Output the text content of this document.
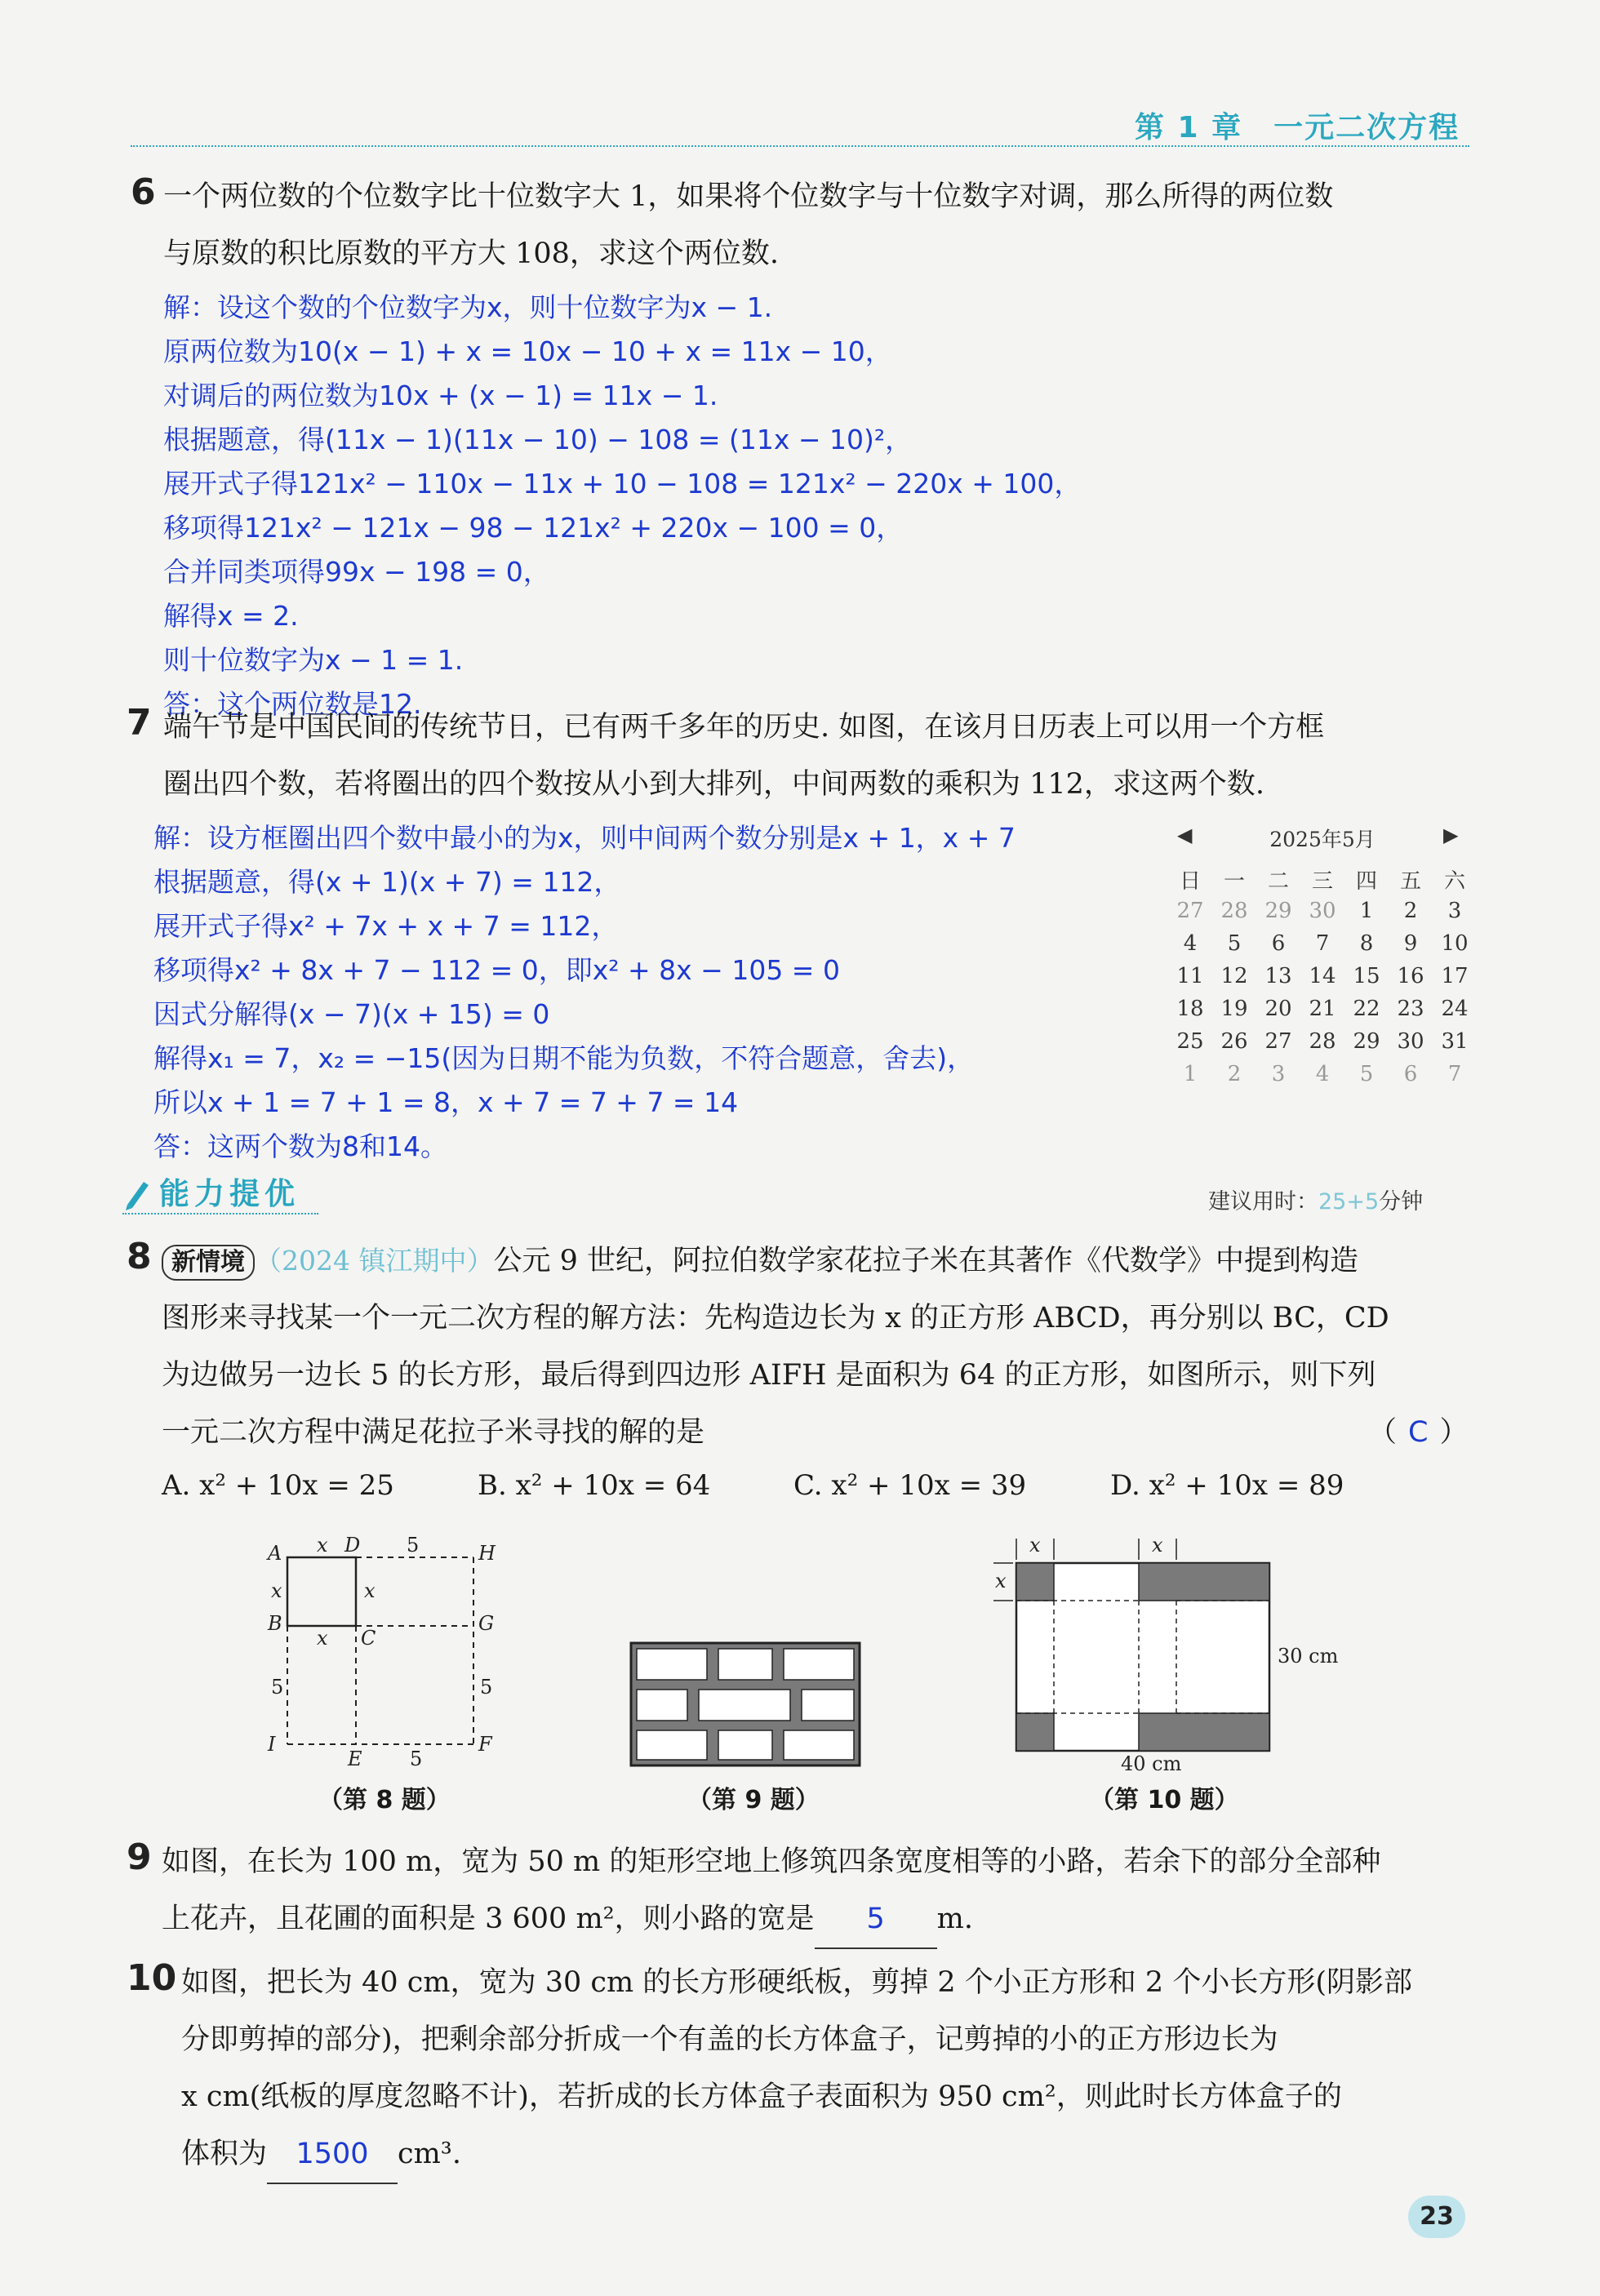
第 1 章　一元二次方程
6 一个两位数的个位数字比十位数字大 1，如果将个位数字与十位数字对调，那么所得的两位数
与原数的积比原数的平方大 108，求这个两位数.
解：设这个数的个位数字为x，则十位数字为x − 1.
原两位数为10(x − 1) + x = 10x − 10 + x = 11x − 10，
对调后的两位数为10x + (x − 1) = 11x − 1.
根据题意，得(11x − 1)(11x − 10) − 108 = (11x − 10)²，
展开式子得121x² − 110x − 11x + 10 − 108 = 121x² − 220x + 100，
移项得121x² − 121x − 98 − 121x² + 220x − 100 = 0，
合并同类项得99x − 198 = 0，
解得x = 2.
则十位数字为x − 1 = 1.
答：这个两位数是12.
7 端午节是中国民间的传统节日，已有两千多年的历史. 如图，在该月日历表上可以用一个方框
圈出四个数，若将圈出的四个数按从小到大排列，中间两数的乘积为 112，求这两个数.
解：设方框圈出四个数中最小的为x，则中间两个数分别是x + 1，x + 7
根据题意，得(x + 1)(x + 7) = 112，
展开式子得x² + 7x + x + 7 = 112，
移项得x² + 8x + 7 − 112 = 0，即x² + 8x − 105 = 0
因式分解得(x − 7)(x + 15) = 0
解得x₁ = 7，x₂ = −15(因为日期不能为负数，不符合题意，舍去)，
所以x + 1 = 7 + 1 = 8，x + 7 = 7 + 7 = 14
答：这两个数为8和14。
◀	2025年5月	▶
日	一	二	三	四	五	六
27 28 29 30	1	2	3
4	5	6	7	8	9	10
11 12 13 14 15 16 17
18 19 20 21 22 23 24
25 26 27 28 29 30 31
1	2	3	4	5	6	7
能力提优	建议用时：25+5分钟
8 新情境 （2024 镇江期中）公元 9 世纪，阿拉伯数学家花拉子米在其著作《代数学》中提到构造
图形来寻找某一个一元二次方程的解方法：先构造边长为 x 的正方形 ABCD，再分别以 BC，CD
为边做另一边长 5 的长方形，最后得到四边形 AIFH 是面积为 64 的正方形，如图所示，则下列
一元二次方程中满足花拉子米寻找的解的是	（ C ）
A. x² + 10x = 25	B. x² + 10x = 64	C. x² + 10x = 39	D. x² + 10x = 89
A	D	H
B
C
G
I
E
F
x
x	x
x
5
5	5
5
（第 8 题）	（第 9 题）
x	x
x
30 cm
40 cm
（第 10 题）
9 如图，在长为 100 m，宽为 50 m 的矩形空地上修筑四条宽度相等的小路，若余下的部分全部种
上花卉，且花圃的面积是 3 600 m²，则小路的宽是 5 m.
10 如图，把长为 40 cm，宽为 30 cm 的长方形硬纸板，剪掉 2 个小正方形和 2 个小长方形(阴影部
分即剪掉的部分)，把剩余部分折成一个有盖的长方体盒子，记剪掉的小的正方形边长为
x cm(纸板的厚度忽略不计)，若折成的长方体盒子表面积为 950 cm²，则此时长方体盒子的
体积为 1500 cm³.
23
